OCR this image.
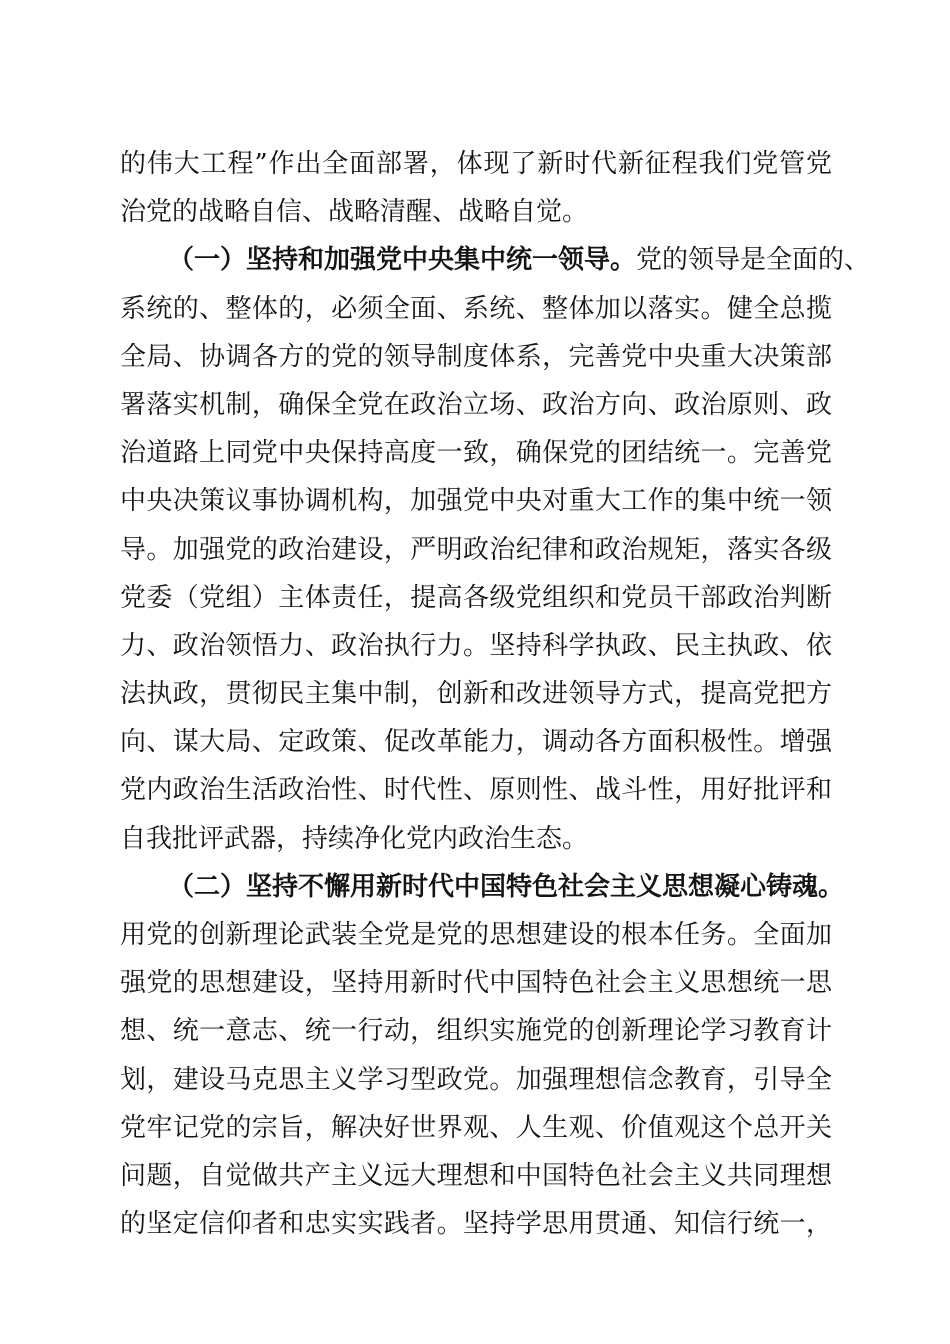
的伟大工程”作出全面部署，体现了新时代新征程我们党管党
治党的战略自信、战略清醒、战略自觉。
（一）坚持和加强党中央集中统一领导。党的领导是全面的、
系统的、整体的，必须全面、系统、整体加以落实。健全总揽
全局、协调各方的党的领导制度体系，完善党中央重大决策部
署落实机制，确保全党在政治立场、政治方向、政治原则、政
治道路上同党中央保持高度一致，确保党的团结统一。完善党
中央决策议事协调机构，加强党中央对重大工作的集中统一领
导。加强党的政治建设，严明政治纪律和政治规矩，落实各级
党委（党组）主体责任，提高各级党组织和党员干部政治判断
力、政治领悟力、政治执行力。坚持科学执政、民主执政、依
法执政，贯彻民主集中制，创新和改进领导方式，提高党把方
向、谋大局、定政策、促改革能力，调动各方面积极性。增强
党内政治生活政治性、时代性、原则性、战斗性，用好批评和
自我批评武器，持续净化党内政治生态。
（二）坚持不懈用新时代中国特色社会主义思想凝心铸魂。
用党的创新理论武装全党是党的思想建设的根本任务。全面加
强党的思想建设，坚持用新时代中国特色社会主义思想统一思
想、统一意志、统一行动，组织实施党的创新理论学习教育计
划，建设马克思主义学习型政党。加强理想信念教育，引导全
党牢记党的宗旨，解决好世界观、人生观、价值观这个总开关
问题，自觉做共产主义远大理想和中国特色社会主义共同理想
的坚定信仰者和忠实实践者。坚持学思用贯通、知信行统一，
